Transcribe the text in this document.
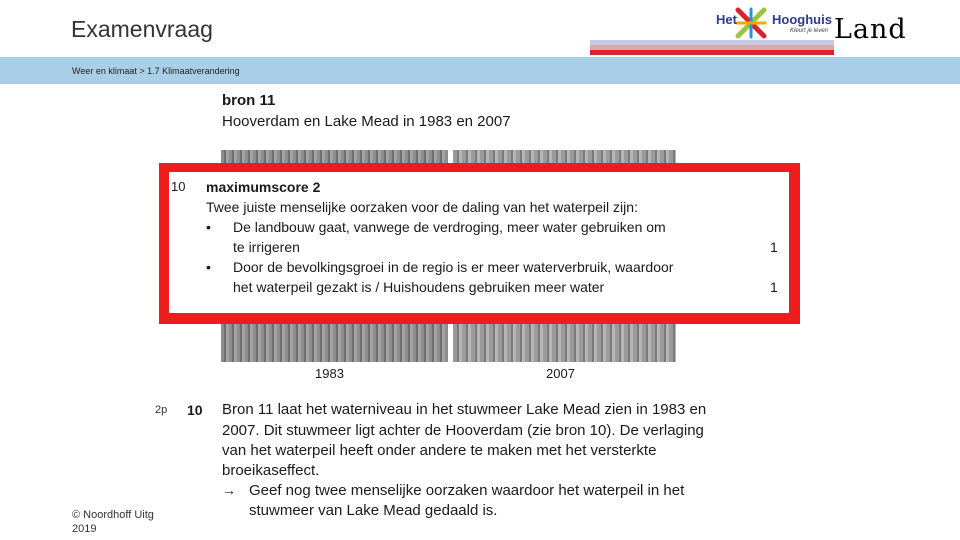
Examenvraag	Het	Hooghuis
Kleurt je leven Land
Weer en klimaat > 1.7 Klimaatverandering
bron 11
Hooverdam en Lake Mead in 1983 en 2007
1983	2007
10 maximumscore 2
Twee juiste menselijke oorzaken voor de daling van het waterpeil zijn:
• De landbouw gaat, vanwege de verdroging, meer water gebruiken om
te irrigeren	1
• Door de bevolkingsgroei in de regio is er meer waterverbruik, waardoor
het waterpeil gezakt is / Huishoudens gebruiken meer water	1
2p 10 Bron 11 laat het waterniveau in het stuwmeer Lake Mead zien in 1983 en
2007. Dit stuwmeer ligt achter de Hooverdam (zie bron 10). De verlaging
van het waterpeil heeft onder andere te maken met het versterkte
broeikaseffect.
→ Geef nog twee menselijke oorzaken waardoor het waterpeil in het
stuwmeer van Lake Mead gedaald is.
© Noordhoff Uitg
2019
